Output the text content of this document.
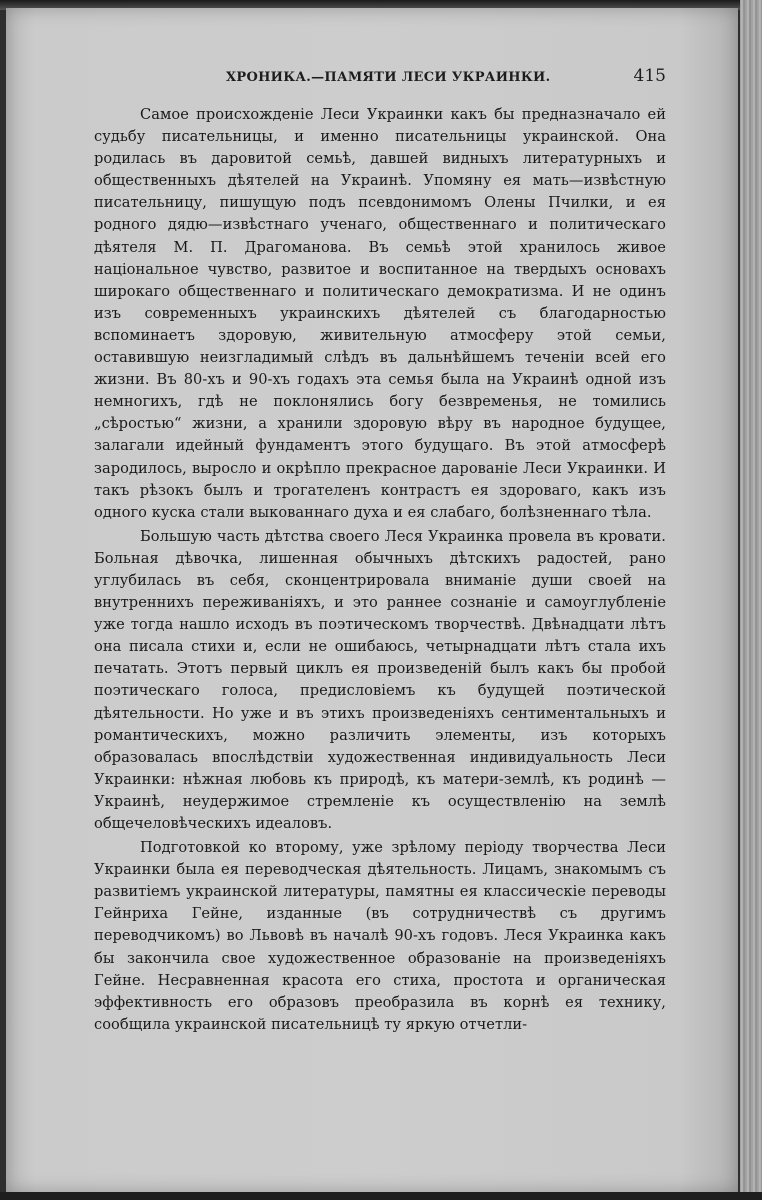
ХРОНИКА.—ПАМЯТИ ЛЕСИ УКРАИНКИ.	415

Самое происхожденіе Леси Украинки какъ бы предназначало ей судьбу писательницы, и именно писательницы украинской. Она родилась въ даровитой семьѣ, давшей видныхъ литературныхъ и общественныхъ дѣятелей на Украинѣ. Упомяну ея мать—извѣстную писательницу, пишущую подъ псевдонимомъ Олены Пчилки, и ея родного дядю—извѣстнаго ученаго, общественнаго и политическаго дѣятеля М. П. Драгоманова. Въ семьѣ этой хранилось живое національное чувство, развитое и воспитанное на твердыхъ основахъ широкаго общественнаго и политическаго демократизма. И не одинъ изъ современныхъ украинскихъ дѣятелей съ благодарностью вспоминаетъ здоровую, живительную атмосферу этой семьи, оставившую неизгладимый слѣдъ въ дальнѣйшемъ теченіи всей его жизни. Въ 80-хъ и 90-хъ годахъ эта семья была на Украинѣ одной изъ немногихъ, гдѣ не поклонялись богу безвременья, не томились „сѣростью“ жизни, а хранили здоровую вѣру въ народное будущее, залагали идейный фундаментъ этого будущаго. Въ этой атмосферѣ зародилось, выросло и окрѣпло прекрасное дарованіе Леси Украинки. И такъ рѣзокъ былъ и трогателенъ контрастъ ея здороваго, какъ изъ одного куска стали выкованнаго духа и ея слабаго, болѣзненнаго тѣла.

Большую часть дѣтства своего Леся Украинка провела въ кровати. Больная дѣвочка, лишенная обычныхъ дѣтскихъ радостей, рано углубилась въ себя, сконцентрировала вниманіе души своей на внутреннихъ переживаніяхъ, и это раннее сознаніе и самоуглубленіе уже тогда нашло исходъ въ поэтическомъ творчествѣ. Двѣнадцати лѣтъ она писала стихи и, если не ошибаюсь, четырнадцати лѣтъ стала ихъ печатать. Этотъ первый циклъ ея произведеній былъ какъ бы пробой поэтическаго голоса, предисловіемъ къ будущей поэтической дѣятельности. Но уже и въ этихъ произведеніяхъ сентиментальныхъ и романтическихъ, можно различить элементы, изъ которыхъ образовалась впослѣдствіи художественная индивидуальность Леси Украинки: нѣжная любовь къ природѣ, къ матери-землѣ, къ родинѣ — Украинѣ, неудержимое стремленіе къ осуществленію на землѣ общечеловѣческихъ идеаловъ.

Подготовкой ко второму, уже зрѣлому періоду творчества Леси Украинки была ея переводческая дѣятельность. Лицамъ, знакомымъ съ развитіемъ украинской литературы, памятны ея классическіе переводы Гейнриха Гейне, изданные (въ сотрудничествѣ съ другимъ переводчикомъ) во Львовѣ въ началѣ 90-хъ годовъ. Леся Украинка какъ бы закончила свое художественное образованіе на произведеніяхъ Гейне. Несравненная красота его стиха, простота и органическая эффективность его образовъ преобразила въ корнѣ ея технику, сообщила украинской писательницѣ ту яркую отчетли-
